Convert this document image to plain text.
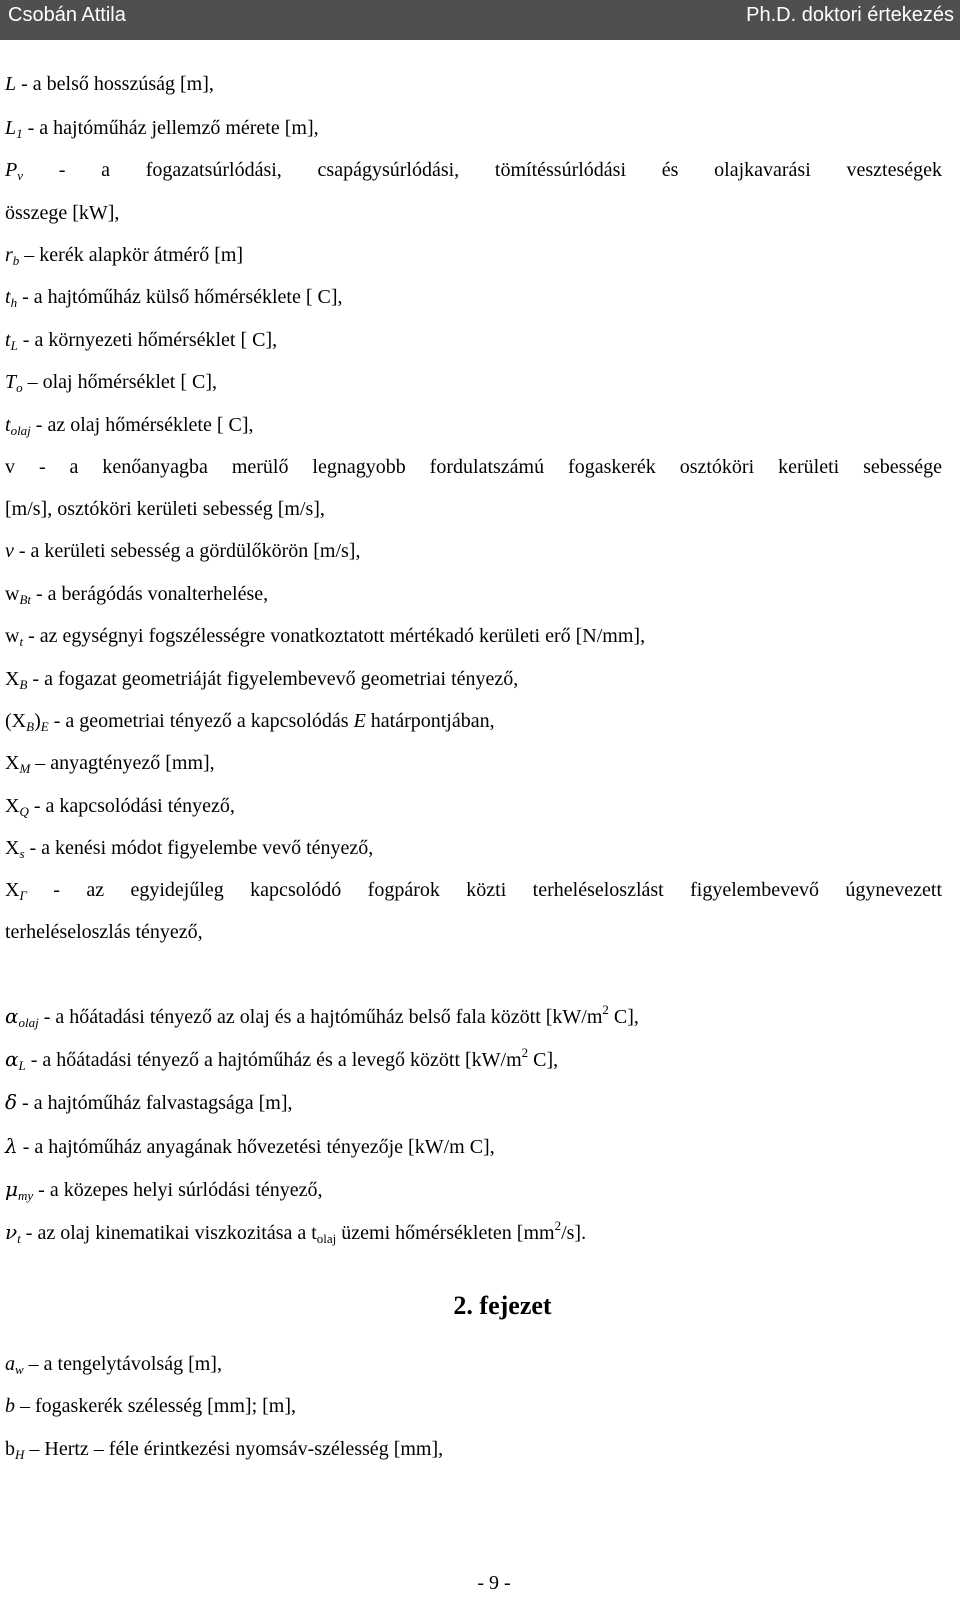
Csobán Attila	Ph.D. doktori értekezés
L - a belső hosszúság [m],
$L_1$ - a hajtóműház jellemző mérete [m],
$P_v$ - a fogazatsúrlódási, csapágysúrlódási, tömítéssúrlódási és olajkavarási veszteségek
összege [kW],
$r_b$ – kerék alapkör átmérő [m]
$t_h$ - a hajtóműház külső hőmérséklete [ C],
$t_L$ - a környezeti hőmérséklet [ C],
$T_o$ – olaj hőmérséklet [ C],
$t_{olaj}$ - az olaj hőmérséklete [ C],
v - a kenőanyagba merülő legnagyobb fordulatszámú fogaskerék osztóköri kerületi sebessége
[m/s], osztóköri kerületi sebesség [m/s],
v - a kerületi sebesség a gördülőkörön [m/s],
$w_{Bt}$ - a berágódás vonalterhelése,
$w_t$ - az egységnyi fogszélességre vonatkoztatott mértékadó kerületi erő [N/mm],
$X_B$ - a fogazat geometriáját figyelembevevő geometriai tényező,
$(X_B)_E$ - a geometriai tényező a kapcsolódás E határpontjában,
$X_M$ – anyagtényező [mm],
$X_Q$ - a kapcsolódási tényező,
$X_s$ - a kenési módot figyelembe vevő tényező,
$X_\Gamma$ - az egyidejűleg kapcsolódó fogpárok közti terheléseloszlást figyelembevevő úgynevezett
terheléseloszlás tényező,
$\alpha_{olaj}$ - a hőátadási tényező az olaj és a hajtóműház belső fala között [$kW/m^2$ C],
$\alpha_L$ - a hőátadási tényező a hajtóműház és a levegő között [$kW/m^2$ C],
δ - a hajtóműház falvastagsága [m],
λ - a hajtóműház anyagának hővezetési tényezője [kW/m C],
$\mu_{my}$ - a közepes helyi súrlódási tényező,
$\nu_t$ - az olaj kinematikai viszkozitása a $t_{olaj}$ üzemi hőmérsékleten $[mm^2/s]$.
2. fejezet
$a_w$ – a tengelytávolság [m],
b – fogaskerék szélesség [mm]; [m],
$b_H$ – Hertz – féle érintkezési nyomsáv-szélesség [mm],
- 9 -
